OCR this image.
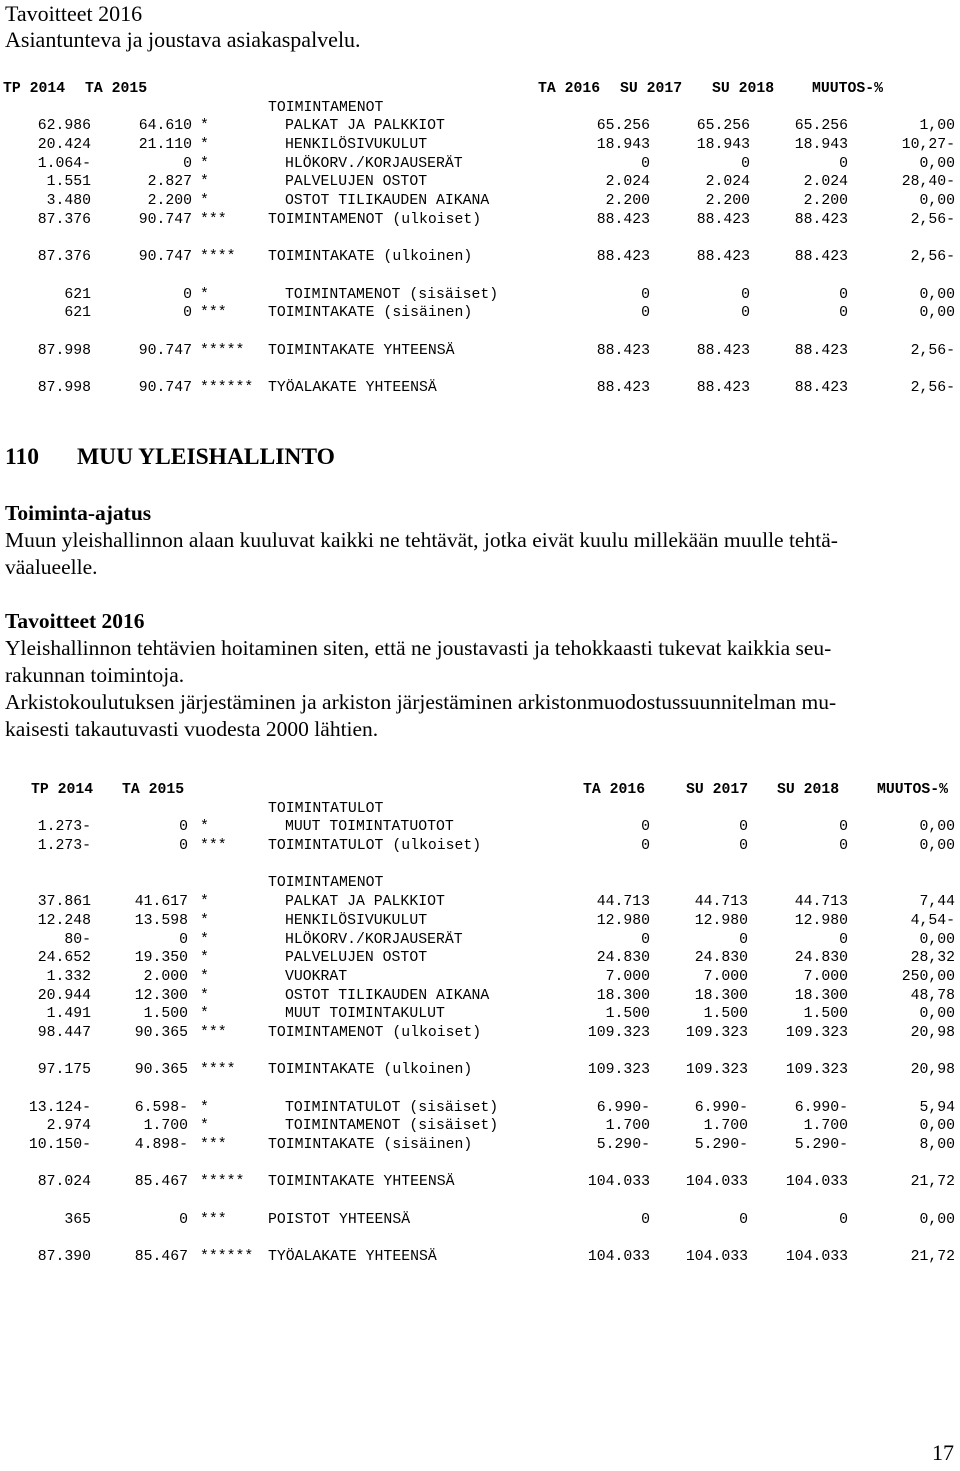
Tavoitteet 2016
Asiantunteva ja joustava asiakaspalvelu.
TP 2014 TA 2015	TA 2016 SU 2017 SU 2018	MUUTOS-%
TOIMINTAMENOT
62.986	64.610 *	PALKAT JA PALKKIOT	65.256	65.256	65.256	1,00
20.424	21.110 *	HENKILÖSIVUKULUT	18.943	18.943	18.943	10,27-
1.064-	0 *	HLÖKORV./KORJAUSERÄT	0	0	0	0,00
1.551	2.827 *	PALVELUJEN OSTOT	2.024	2.024	2.024	28,40-
3.480	2.200 *	OSTOT TILIKAUDEN AIKANA	2.200	2.200	2.200	0,00
87.376	90.747 ***	TOIMINTAMENOT (ulkoiset)	88.423	88.423	88.423	2,56-
87.376	90.747 **** TOIMINTAKATE (ulkoinen)	88.423	88.423	88.423	2,56-
621	0 *	TOIMINTAMENOT (sisäiset)	0	0	0	0,00
621	0 ***	TOIMINTAKATE (sisäinen)	0	0	0	0,00
87.998	90.747 ***** TOIMINTAKATE YHTEENSÄ	88.423	88.423	88.423	2,56-
87.998	90.747 ****** TYÖALAKATE YHTEENSÄ	88.423	88.423	88.423	2,56-
110	MUU YLEISHALLINTO
Toiminta-ajatus

Muun yleishallinnon alaan kuuluvat kaikki ne tehtävät, jotka eivät kuulu millekään muulle tehtä-

väalueelle.

Tavoitteet 2016

Yleishallinnon tehtävien hoitaminen siten, että ne joustavasti ja tehokkaasti tukevat kaikkia seu-

rakunnan toimintoja.

Arkistokoulutuksen järjestäminen ja arkiston järjestäminen arkistonmuodostussuunnitelman mu-

kaisesti takautuvasti vuodesta 2000 lähtien.

TP 2014 TA 2015	TA 2016	SU 2017 SU 2018	MUUTOS-%
TOIMINTATULOT
1.273-	0 *	MUUT TOIMINTATUOTOT	0	0	0	0,00
1.273-	0 ***	TOIMINTATULOT (ulkoiset)	0	0	0	0,00
TOIMINTAMENOT
37.861	41.617 *	PALKAT JA PALKKIOT	44.713	44.713	44.713	7,44
12.248	13.598 *	HENKILÖSIVUKULUT	12.980	12.980	12.980	4,54-
80-	0 *	HLÖKORV./KORJAUSERÄT	0	0	0	0,00
24.652	19.350 *	PALVELUJEN OSTOT	24.830	24.830	24.830	28,32
1.332	2.000 *	VUOKRAT	7.000	7.000	7.000	250,00
20.944	12.300 *	OSTOT TILIKAUDEN AIKANA	18.300	18.300	18.300	48,78
1.491	1.500 *	MUUT TOIMINTAKULUT	1.500	1.500	1.500	0,00
98.447	90.365 ***	TOIMINTAMENOT (ulkoiset)	109.323 109.323	109.323	20,98
97.175	90.365 **** TOIMINTAKATE (ulkoinen)	109.323 109.323	109.323	20,98
13.124-	6.598- *	TOIMINTATULOT (sisäiset)	6.990-	6.990-	6.990-	5,94
2.974	1.700 *	TOIMINTAMENOT (sisäiset)	1.700	1.700	1.700	0,00
10.150-	4.898- ***	TOIMINTAKATE (sisäinen)	5.290-	5.290-	5.290-	8,00
87.024	85.467 ***** TOIMINTAKATE YHTEENSÄ	104.033 104.033	104.033	21,72
365	0 ***	POISTOT YHTEENSÄ	0	0	0	0,00
87.390	85.467 ****** TYÖALAKATE YHTEENSÄ	104.033 104.033	104.033	21,72
17
